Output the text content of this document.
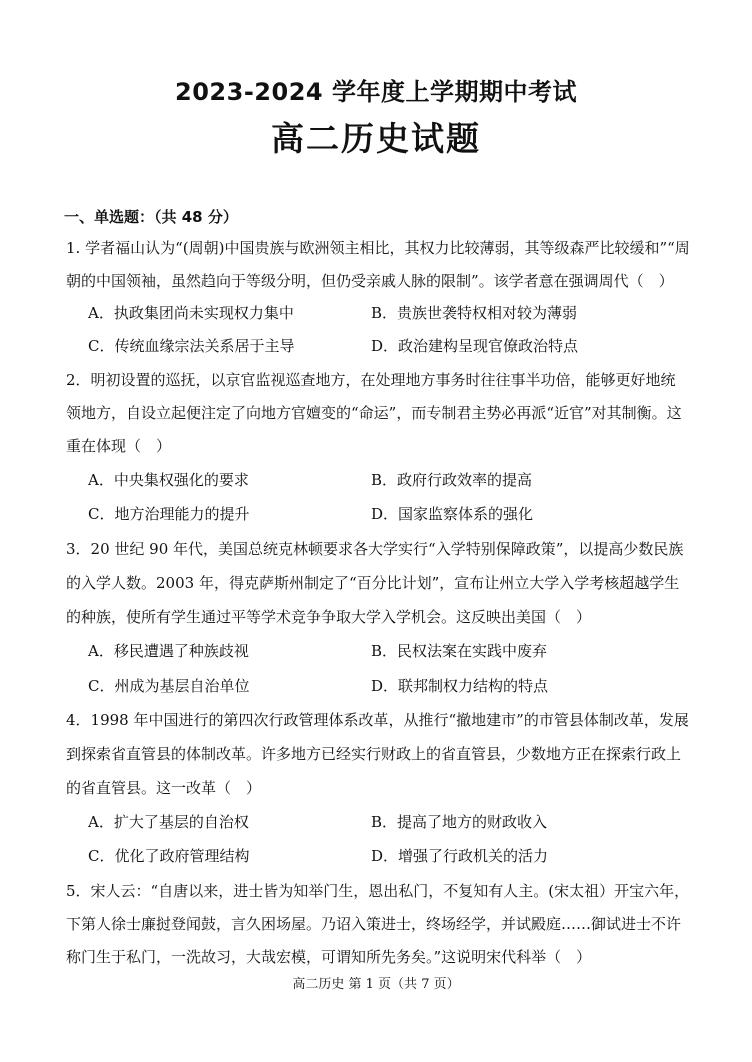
2023-2024 学年度上学期期中考试
高二历史试题
一、单选题：（共 48 分）
1. 学者福山认为“(周朝)中国贵族与欧洲领主相比，其权力比较薄弱，其等级森严比较缓和”“周
朝的中国领袖，虽然趋向于等级分明，但仍受亲戚人脉的限制”。该学者意在强调周代（　）
A．执政集团尚未实现权力集中	B．贵族世袭特权相对较为薄弱
C．传统血缘宗法关系居于主导	D．政治建构呈现官僚政治特点
2．明初设置的巡抚，以京官监视巡查地方，在处理地方事务时往往事半功倍，能够更好地统
领地方，自设立起便注定了向地方官嬗变的“命运”，而专制君主势必再派“近官”对其制衡。这
重在体现（　）
A．中央集权强化的要求	B．政府行政效率的提高
C．地方治理能力的提升	D．国家监察体系的强化
3．20 世纪 90 年代，美国总统克林顿要求各大学实行“入学特别保障政策”，以提高少数民族
的入学人数。2003 年，得克萨斯州制定了“百分比计划”，宣布让州立大学入学考核超越学生
的种族，使所有学生通过平等学术竞争争取大学入学机会。这反映出美国（　）
A．移民遭遇了种族歧视	B．民权法案在实践中废弃
C．州成为基层自治单位	D．联邦制权力结构的特点
4．1998 年中国进行的第四次行政管理体系改革，从推行“撤地建市”的市管县体制改革，发展
到探索省直管县的体制改革。许多地方已经实行财政上的省直管县，少数地方正在探索行政上
的省直管县。这一改革（　）
A．扩大了基层的自治权	B．提高了地方的财政收入
C．优化了政府管理结构	D．增强了行政机关的活力
5．宋人云：“自唐以来，进士皆为知举门生，恩出私门，不复知有人主。(宋太祖）开宝六年，
下第人徐士廉挝登闻鼓，言久困场屋。乃诏入策进士，终场经学，并试殿庭……御试进士不许
称门生于私门，一洗故习，大哉宏模，可谓知所先务矣。”这说明宋代科举（　）
高二历史 第 1 页（共 7 页）
